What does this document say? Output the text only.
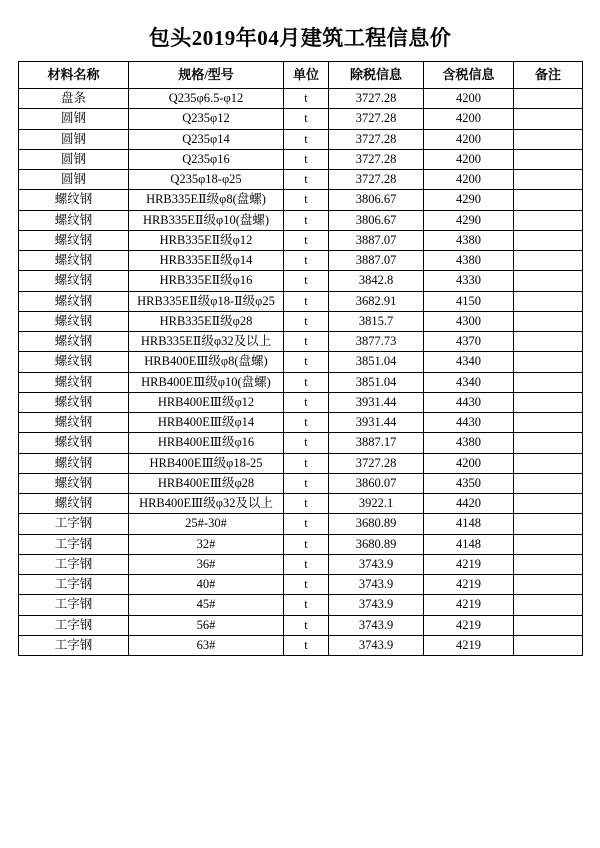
包头2019年04月建筑工程信息价
材料名称	规格/型号	单位	除税信息	含税信息	备注
盘条	Q235φ6.5-φ12	t	3727.28	4200	
圆钢	Q235φ12	t	3727.28	4200	
圆钢	Q235φ14	t	3727.28	4200	
圆钢	Q235φ16	t	3727.28	4200	
圆钢	Q235φ18-φ25	t	3727.28	4200	
螺纹钢	HRB335EⅡ级φ8(盘螺)	t	3806.67	4290	
螺纹钢	HRB335EⅡ级φ10(盘螺)	t	3806.67	4290	
螺纹钢	HRB335EⅡ级φ12	t	3887.07	4380	
螺纹钢	HRB335EⅡ级φ14	t	3887.07	4380	
螺纹钢	HRB335EⅡ级φ16	t	3842.8	4330	
螺纹钢	HRB335EⅡ级φ18-Ⅱ级φ25	t	3682.91	4150	
螺纹钢	HRB335EⅡ级φ28	t	3815.7	4300	
螺纹钢	HRB335EⅡ级φ32及以上	t	3877.73	4370	
螺纹钢	HRB400EⅢ级φ8(盘螺)	t	3851.04	4340	
螺纹钢	HRB400EⅢ级φ10(盘螺)	t	3851.04	4340	
螺纹钢	HRB400EⅢ级φ12	t	3931.44	4430	
螺纹钢	HRB400EⅢ级φ14	t	3931.44	4430	
螺纹钢	HRB400EⅢ级φ16	t	3887.17	4380	
螺纹钢	HRB400EⅢ级φ18-25	t	3727.28	4200	
螺纹钢	HRB400EⅢ级φ28	t	3860.07	4350	
螺纹钢	HRB400EⅢ级φ32及以上	t	3922.1	4420	
工字钢	25#-30#	t	3680.89	4148	
工字钢	32#	t	3680.89	4148	
工字钢	36#	t	3743.9	4219	
工字钢	40#	t	3743.9	4219	
工字钢	45#	t	3743.9	4219	
工字钢	56#	t	3743.9	4219	
工字钢	63#	t	3743.9	4219	
